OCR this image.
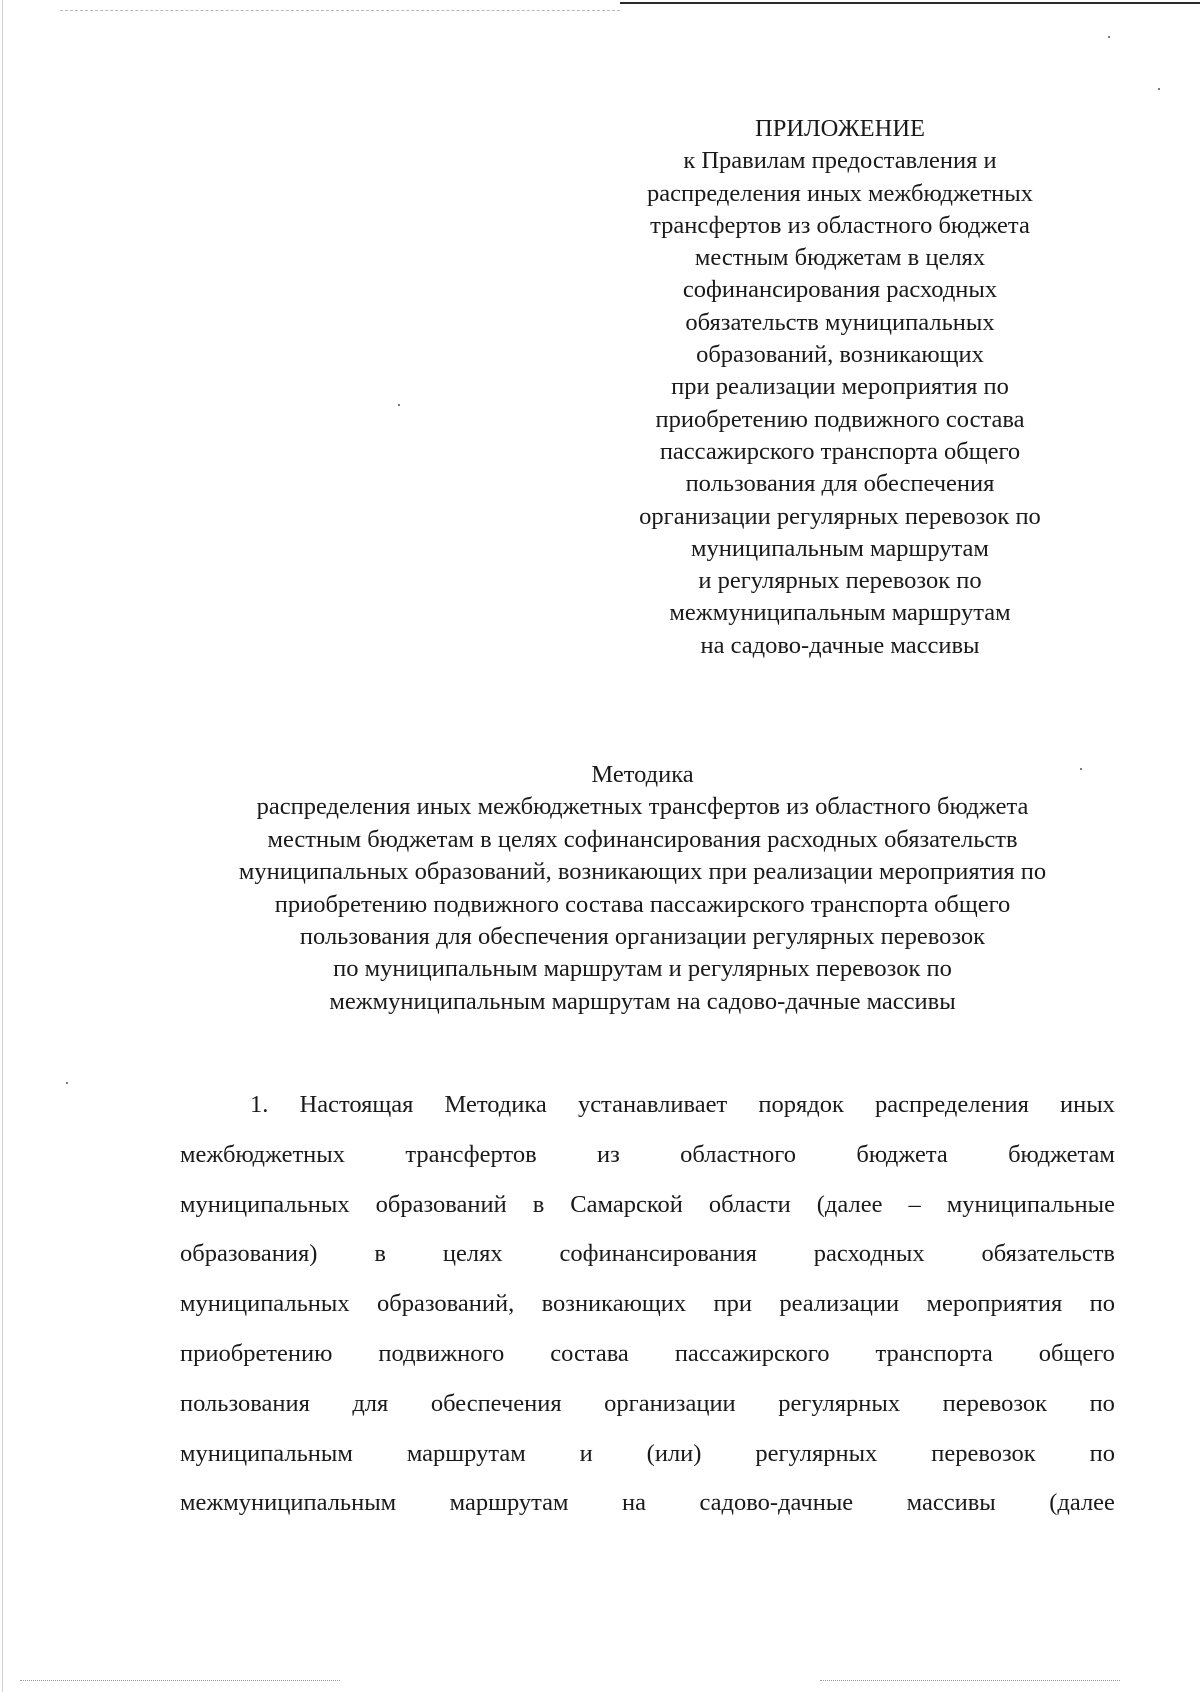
ПРИЛОЖЕНИЕ
к Правилам предоставления и
распределения иных межбюджетных
трансфертов из областного бюджета
местным бюджетам в целях
софинансирования расходных
обязательств муниципальных
образований, возникающих
при реализации мероприятия по
приобретению подвижного состава
пассажирского транспорта общего
пользования для обеспечения
организации регулярных перевозок по
муниципальным маршрутам
и регулярных перевозок по
межмуниципальным маршрутам
на садово-дачные массивы
Методика
распределения иных межбюджетных трансфертов из областного бюджета
местным бюджетам в целях софинансирования расходных обязательств
муниципальных образований, возникающих при реализации мероприятия по
приобретению подвижного состава пассажирского транспорта общего
пользования для обеспечения организации регулярных перевозок
по муниципальным маршрутам и регулярных перевозок по
межмуниципальным маршрутам на садово-дачные массивы
1. Настоящая Методика устанавливает порядок распределения иных
межбюджетных трансфертов из областного бюджета бюджетам
муниципальных образований в Самарской области (далее – муниципальные
образования) в целях софинансирования расходных обязательств
муниципальных образований, возникающих при реализации мероприятия по
приобретению подвижного состава пассажирского транспорта общего
пользования для обеспечения организации регулярных перевозок по
муниципальным маршрутам и (или) регулярных перевозок по
межмуниципальным маршрутам на садово-дачные массивы (далее
